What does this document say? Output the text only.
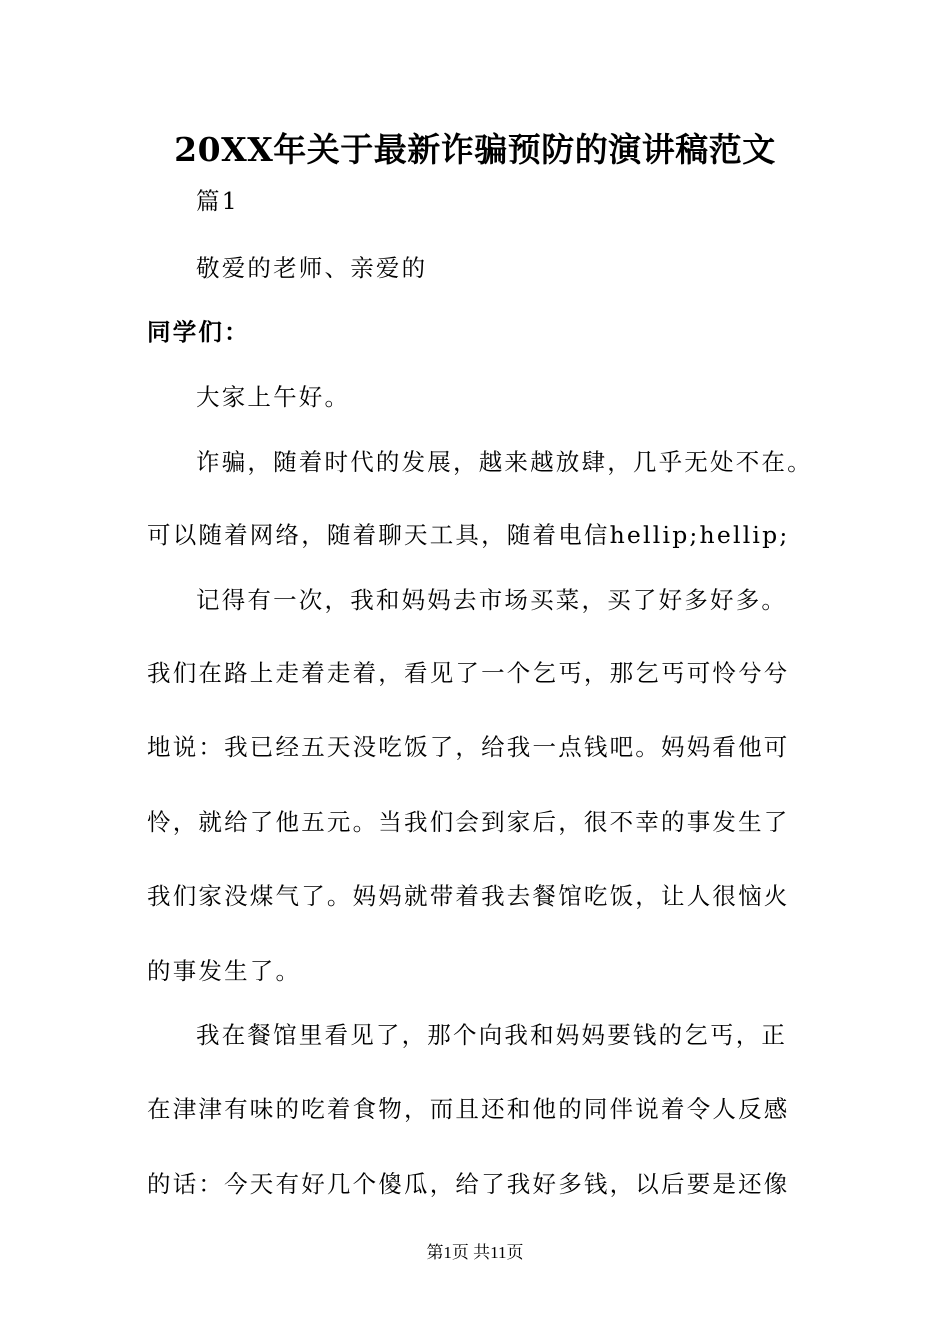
20XX年关于最新诈骗预防的演讲稿范文
篇1
敬爱的老师、亲爱的
同学们：
大家上午好。
诈骗，随着时代的发展，越来越放肆，几乎无处不在。
可以随着网络，随着聊天工具，随着电信hellip;hellip;
记得有一次，我和妈妈去市场买菜，买了好多好多。
我们在路上走着走着，看见了一个乞丐，那乞丐可怜兮兮
地说：我已经五天没吃饭了，给我一点钱吧。妈妈看他可
怜，就给了他五元。当我们会到家后，很不幸的事发生了
我们家没煤气了。妈妈就带着我去餐馆吃饭，让人很恼火
的事发生了。
我在餐馆里看见了，那个向我和妈妈要钱的乞丐，正
在津津有味的吃着食物，而且还和他的同伴说着令人反感
的话：今天有好几个傻瓜，给了我好多钱，以后要是还像
第1页 共11页
